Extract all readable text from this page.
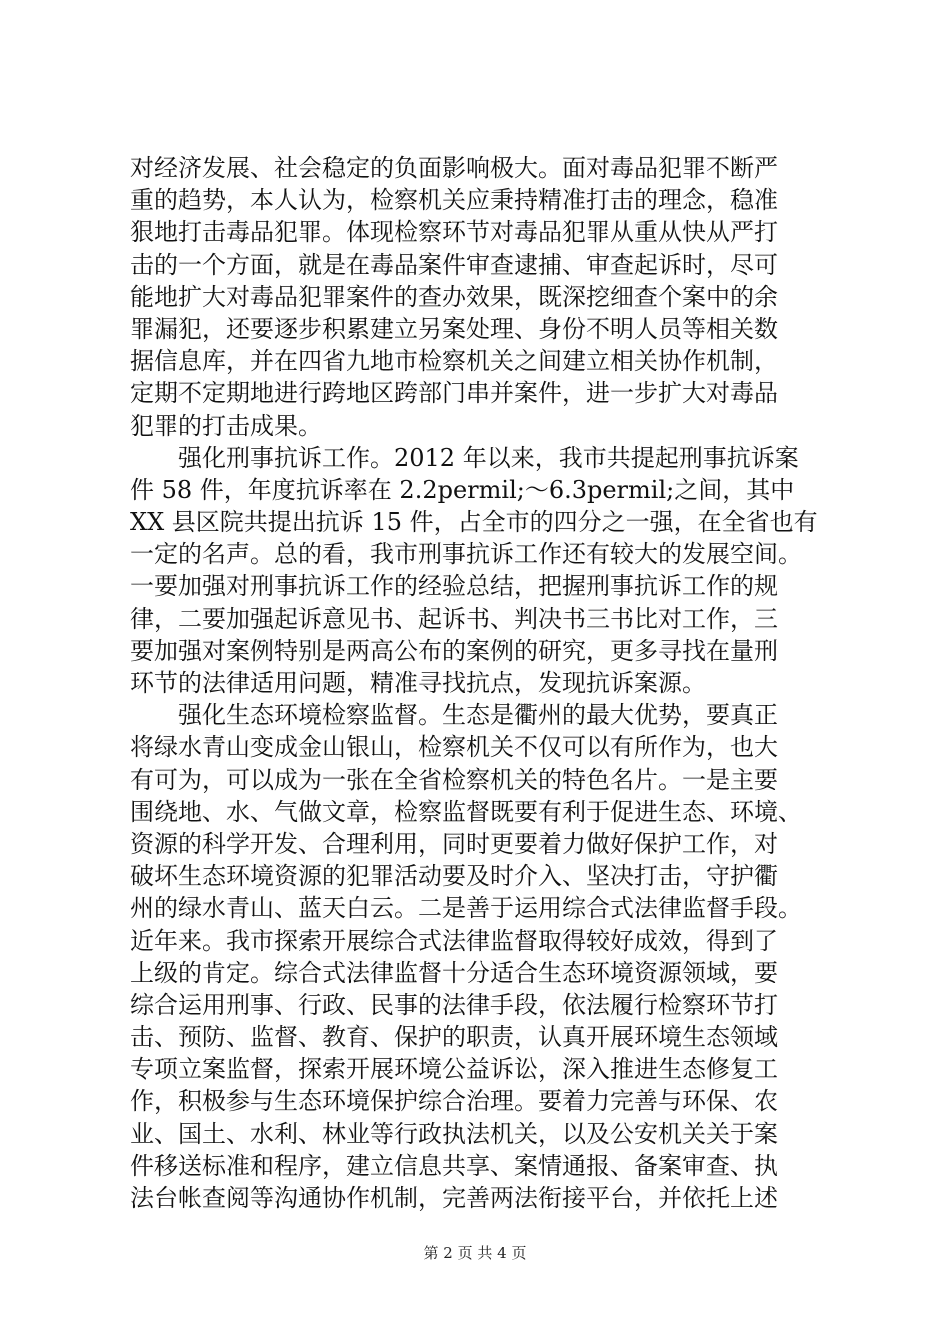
对经济发展、社会稳定的负面影响极大。面对毒品犯罪不断严
重的趋势，本人认为，检察机关应秉持精准打击的理念，稳准
狠地打击毒品犯罪。体现检察环节对毒品犯罪从重从快从严打
击的一个方面，就是在毒品案件审查逮捕、审查起诉时，尽可
能地扩大对毒品犯罪案件的查办效果，既深挖细查个案中的余
罪漏犯，还要逐步积累建立另案处理、身份不明人员等相关数
据信息库，并在四省九地市检察机关之间建立相关协作机制，
定期不定期地进行跨地区跨部门串并案件，进一步扩大对毒品
犯罪的打击成果。
　　强化刑事抗诉工作。2012 年以来，我市共提起刑事抗诉案
件 58 件，年度抗诉率在 2.2permil;～6.3permil;之间，其中
XX 县区院共提出抗诉 15 件，占全市的四分之一强，在全省也有
一定的名声。总的看，我市刑事抗诉工作还有较大的发展空间。
一要加强对刑事抗诉工作的经验总结，把握刑事抗诉工作的规
律，二要加强起诉意见书、起诉书、判决书三书比对工作，三
要加强对案例特别是两高公布的案例的研究，更多寻找在量刑
环节的法律适用问题，精准寻找抗点，发现抗诉案源。
　　强化生态环境检察监督。生态是衢州的最大优势，要真正
将绿水青山变成金山银山，检察机关不仅可以有所作为，也大
有可为，可以成为一张在全省检察机关的特色名片。一是主要
围绕地、水、气做文章，检察监督既要有利于促进生态、环境、
资源的科学开发、合理利用，同时更要着力做好保护工作，对
破坏生态环境资源的犯罪活动要及时介入、坚决打击，守护衢
州的绿水青山、蓝天白云。二是善于运用综合式法律监督手段。
近年来。我市探索开展综合式法律监督取得较好成效，得到了
上级的肯定。综合式法律监督十分适合生态环境资源领域，要
综合运用刑事、行政、民事的法律手段，依法履行检察环节打
击、预防、监督、教育、保护的职责，认真开展环境生态领域
专项立案监督，探索开展环境公益诉讼，深入推进生态修复工
作，积极参与生态环境保护综合治理。要着力完善与环保、农
业、国土、水利、林业等行政执法机关，以及公安机关关于案
件移送标准和程序，建立信息共享、案情通报、备案审查、执
法台帐查阅等沟通协作机制，完善两法衔接平台，并依托上述
第 2 页 共 4 页
